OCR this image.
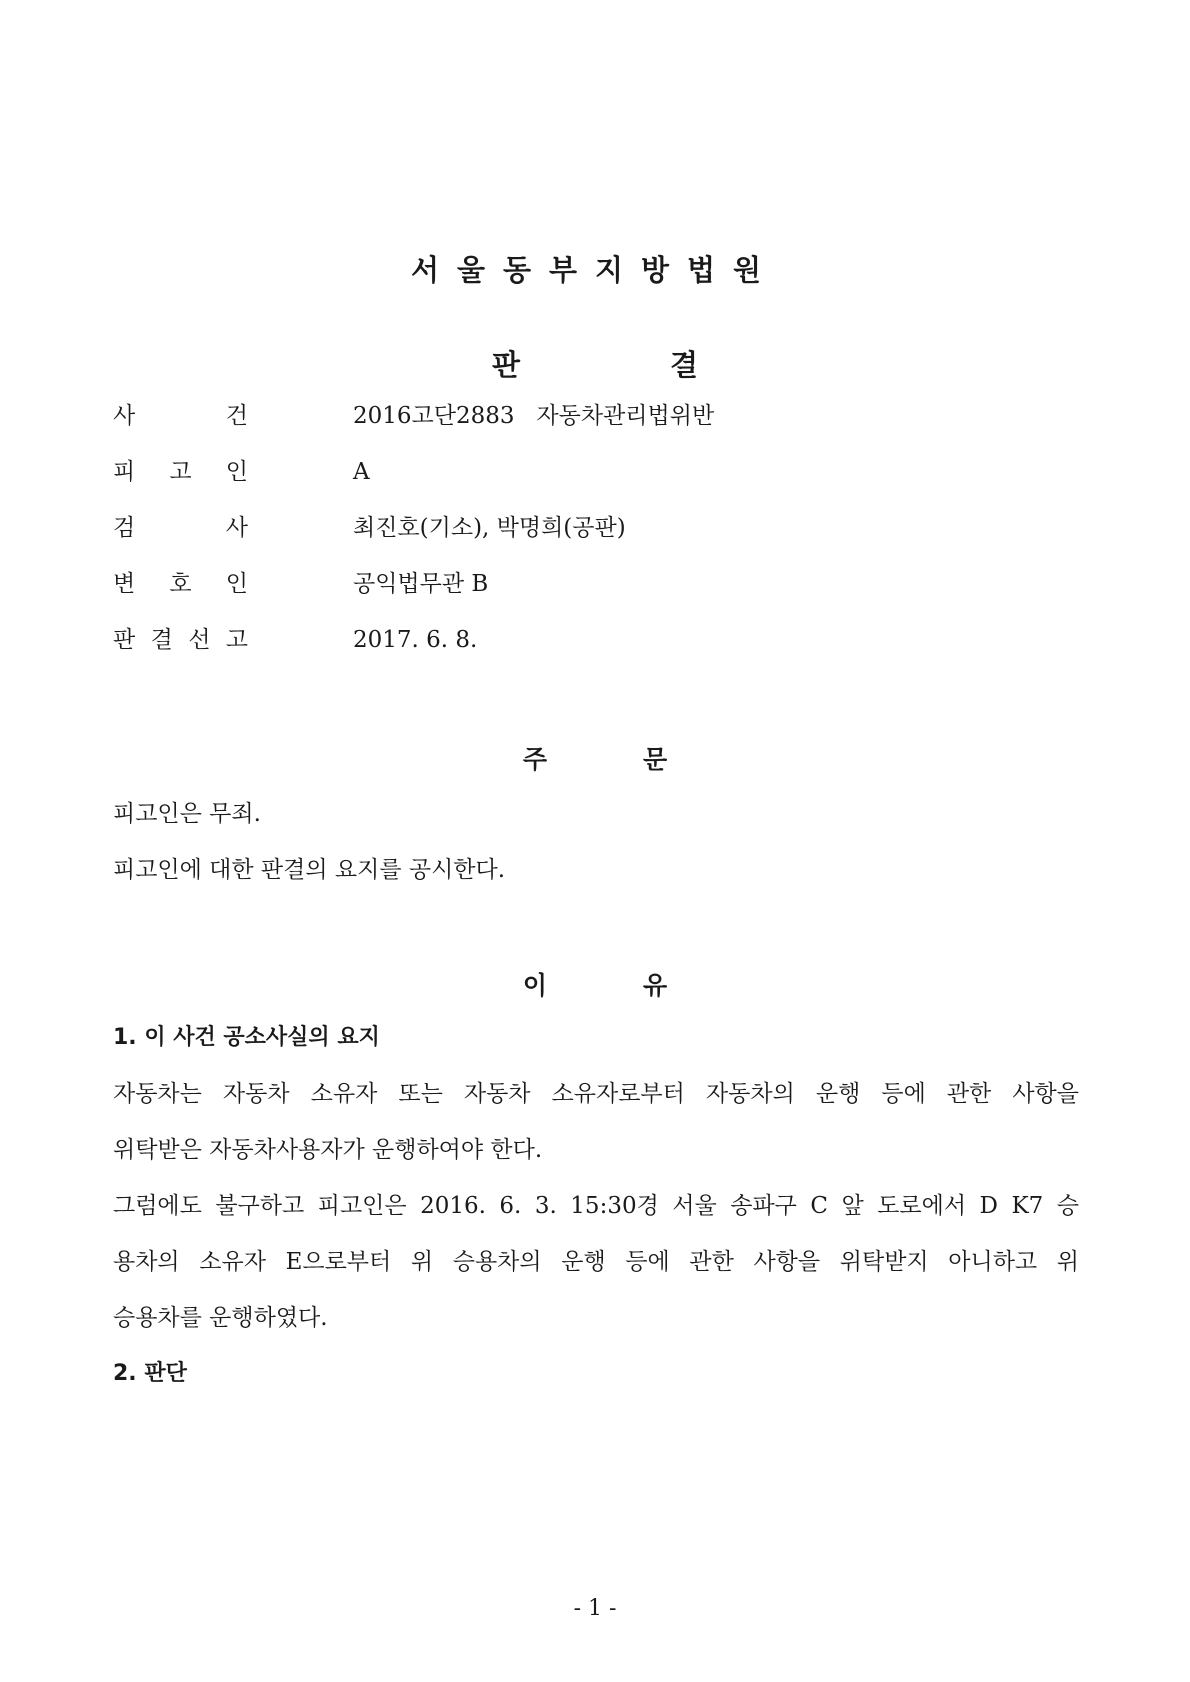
서울동부지방법원
판	결
사	건	2016고단2883   자동차관리법위반
피 고 인	A
검	사	최진호(기소), 박명희(공판)
변 호 인	공익법무관 B
판 결 선 고	2017. 6. 8.
주	문
피고인은 무죄.
피고인에 대한 판결의 요지를 공시한다.
이	유
1. 이 사건 공소사실의 요지
자동차는 자동차 소유자 또는 자동차 소유자로부터 자동차의 운행 등에 관한 사항을
위탁받은 자동차사용자가 운행하여야 한다.
그럼에도 불구하고 피고인은 2016. 6. 3. 15:30경 서울 송파구 C 앞 도로에서 D K7 승
용차의 소유자 E으로부터 위 승용차의 운행 등에 관한 사항을 위탁받지 아니하고 위
승용차를 운행하였다.
2. 판단
- 1 -
